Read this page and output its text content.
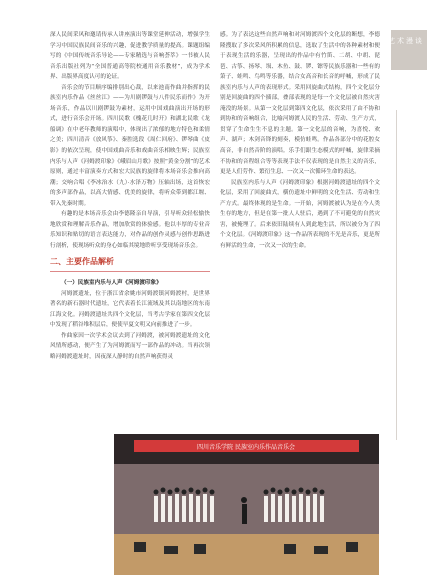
艺术漫谈

深人民间采风和邀请传承人讲座演出等课堂延伸活动，增强学生学习中国民族民间音乐的兴趣，促进教学质量的提高。课题组编写的《中国传统音乐导论——专家精选与音响荟萃》一书被人民音乐出版社列为“全国普通高等院校通用音乐教材”，成为学术界、出版界高度认可的论证。

音乐会的节目顺序编排别出心裁，以来池南作曲并指挥的民族室内乐作品《丝丝江》——为川剧锣鼓与八件民乐而作》为开场音乐，作品以川剧锣鼓为素材，运用中国戏曲演出开场的形式，进行音乐会开场。四川民歌《槐花几时开》和湖北民歌《龙船调》在中老年教师的演唱中，体现出了浓郁的地方特色和柔情之美；四川清音《放风筝》、秦腔选段《周仁回府》、锣琴曲《皮影》的依次呈现，使中国戏曲音乐和戏曲音乐相映生辉；民族室内乐与人声《河姆渡印象》《峨眉山月歌》按照“黄金分割”的艺术原则，通过丰富演奏方式和宏大民族的旋律将本场音乐会推向高潮；交响合唱《李冰治水（九）·水泽万物》压轴出场，这首恢宏的多声部作品，以高大情感、优美的旋律，将听众带到都江堰、带入先秦时期。

有趣的是本场音乐会由李德隆亲自导演，引导听众轻松愉快地欣赏和理解音乐作品，增加欣赏的体验感。他以丰厚的专业音乐知识和贴切的语言表达能力，对作品的创作灵感与创作思路进行剖析，使现场听众的身心如临其境地聆听享受现场音乐会。

二、主要作品解析

（一）民族室内乐与人声《河姆渡印象》

河姆渡遗址，位于浙江省余姚市河姆渡镇河姆渡村，是世界著名的新石器时代遗址，它代表着长江流域及其以南地区的东南江海文化。河姆渡遗址共四个文化层，当考古学家在第四文化层中发现了稻谷堆积层后，便使早夏文明又向前推进了一步。

作曲家因一次学术会议去到了河姆渡，被河姆渡遗址的文化风情所感动，便产生了为河姆渡而写一部作品的冲动。当再次领略河姆渡遗址时，因夜深人静时的自然声响获得灵

感。为了表达这些自然声响和对河姆渡四个文化层的断想，李德隆搜取了多次采风所积累的信息，选取了生活中的各种素材和便于表现生活的乐器，呈现出的作品中有竹笛、二胡、中胡、琵琶、古筝、扬琴、埙、木鱼、鼓、锣、镲等民族乐器和一些有的箫子、蛙鸣、鸟鸣等乐器，结合女高音和长音的呼喊，形成了民族室内乐与人声的表现形式。采用回旋曲式结构，四个文化层分别是回旋曲的四个插部，叠部表现的是每一个文化层被自然灾害淹没的场景。从第一文化层到第四文化层，依次采用了由不协和到协和的音响组合，比喻河姆渡人民的生活、劳动、生产方式，贯穿了生命生生不息的主题。第一文化层的音响，为喜悦、欢声、湖声；木剑音锋的刻奏，模仿蛙鸣。作品各部分中的花腔女高音，非自然音阶的演唱。乐手们跟生态模式的呼喊，旋律采摘不协和的音程组合等等表现手法不仅表现的是自然主义的音乐，更是人们劳作、繁衍生息、一次又一次循环生命的表达。

民族室内乐与人声《河姆渡印象》根据河姆渡遗址的四个文化层，采用了回旋曲式，横仿遗址中鲜明的文化生活、劳动和生产方式。最终体现的是生命。一开始，河姆渡被认为是在今人类生存的地方，但是在第一批人人驻后，遇到了不可避免的自然灾害，被掩埋了。后来依旧陆续有人到此地生活，所以被分为了四个文化层。《河姆渡印象》这一作品所表现的不光是音乐，更是所有鲜活的生命，一次又一次的生命。

四川音乐学院 民族室内乐作品音乐会
